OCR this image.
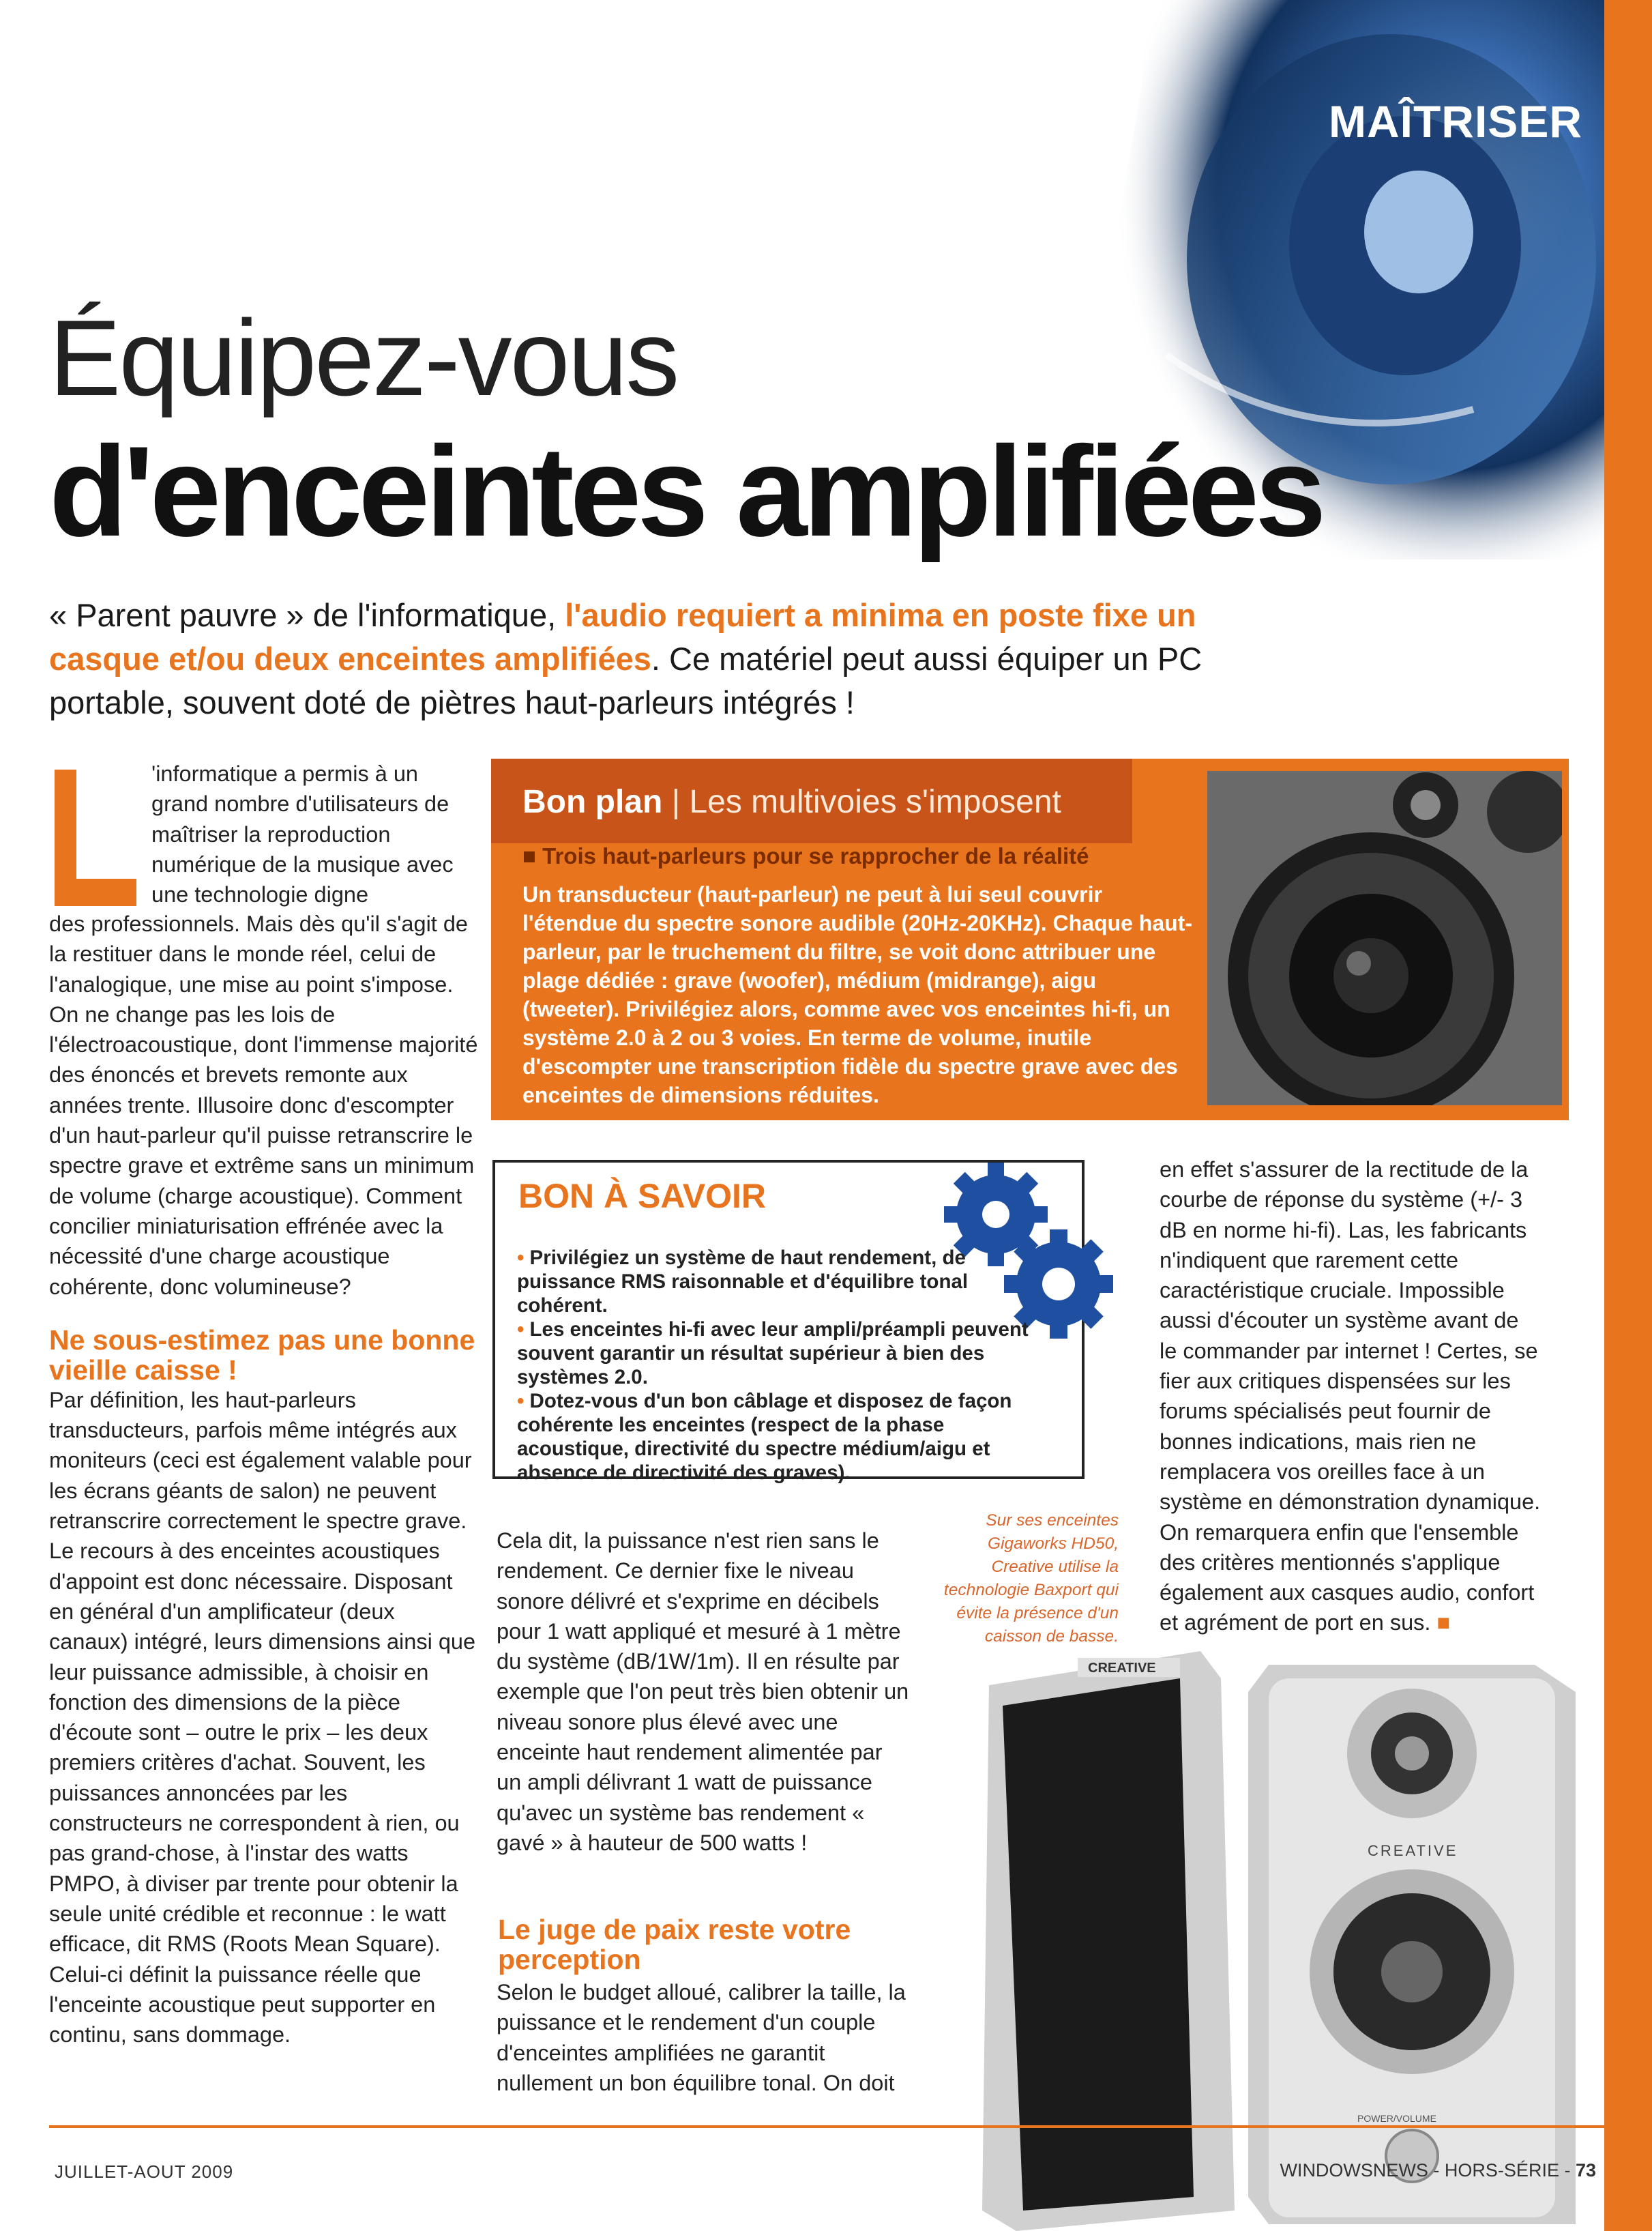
MAÎTRISER
Équipez-vous
d'enceintes amplifiées
« Parent pauvre » de l'informatique, l'audio requiert a minima en poste fixe un casque et/ou deux enceintes amplifiées. Ce matériel peut aussi équiper un PC portable, souvent doté de piètres haut-parleurs intégrés !
'informatique a permis à un grand nombre d'utilisateurs de maîtriser la reproduction numérique de la musique avec une technologie digne
des professionnels. Mais dès qu'il s'agit de la restituer dans le monde réel, celui de l'analogique, une mise au point s'impose. On ne change pas les lois de l'électroacoustique, dont l'immense majorité des énoncés et brevets remonte aux années trente. Illusoire donc d'escompter d'un haut-parleur qu'il puisse retranscrire le spectre grave et extrême sans un minimum de volume (charge acoustique). Comment concilier miniaturisation effrénée avec la nécessité d'une charge acoustique cohérente, donc volumineuse?
Ne sous-estimez pas une bonne vieille caisse !
Par définition, les haut-parleurs transducteurs, parfois même intégrés aux moniteurs (ceci est également valable pour les écrans géants de salon) ne peuvent retranscrire correctement le spectre grave. Le recours à des enceintes acoustiques d'appoint est donc nécessaire. Disposant en général d'un amplificateur (deux canaux) intégré, leurs dimensions ainsi que leur puissance admissible, à choisir en fonction des dimensions de la pièce d'écoute sont – outre le prix – les deux premiers critères d'achat. Souvent, les puissances annoncées par les constructeurs ne correspondent à rien, ou pas grand-chose, à l'instar des watts PMPO, à diviser par trente pour obtenir la seule unité crédible et reconnue : le watt efficace, dit RMS (Roots Mean Square). Celui-ci définit la puissance réelle que l'enceinte acoustique peut supporter en continu, sans dommage.
Bon plan | Les multivoies s'imposent
■ Trois haut-parleurs pour se rapprocher de la réalité
Un transducteur (haut-parleur) ne peut à lui seul couvrir l'étendue du spectre sonore audible (20Hz-20KHz). Chaque haut-parleur, par le truchement du filtre, se voit donc attribuer une plage dédiée : grave (woofer), médium (midrange), aigu (tweeter). Privilégiez alors, comme avec vos enceintes hi-fi, un système 2.0 à 2 ou 3 voies. En terme de volume, inutile d'escompter une transcription fidèle du spectre grave avec des enceintes de dimensions réduites.
BON À SAVOIR
• Privilégiez un système de haut rendement, de puissance RMS raisonnable et d'équilibre tonal cohérent.
• Les enceintes hi-fi avec leur ampli/préampli peuvent souvent garantir un résultat supérieur à bien des systèmes 2.0.
• Dotez-vous d'un bon câblage et disposez de façon cohérente les enceintes (respect de la phase acoustique, directivité du spectre médium/aigu et absence de directivité des graves).
Cela dit, la puissance n'est rien sans le rendement. Ce dernier fixe le niveau sonore délivré et s'exprime en décibels pour 1 watt appliqué et mesuré à 1 mètre du système (dB/1W/1m). Il en résulte par exemple que l'on peut très bien obtenir un niveau sonore plus élevé avec une enceinte haut rendement alimentée par un ampli délivrant 1 watt de puissance qu'avec un système bas rendement « gavé » à hauteur de 500 watts !
Le juge de paix reste votre perception
Selon le budget alloué, calibrer la taille, la puissance et le rendement d'un couple d'enceintes amplifiées ne garantit nullement un bon équilibre tonal. On doit
en effet s'assurer de la rectitude de la courbe de réponse du système (+/- 3 dB en norme hi-fi). Las, les fabricants n'indiquent que rarement cette caractéristique cruciale. Impossible aussi d'écouter un système avant de le commander par internet ! Certes, se fier aux critiques dispensées sur les forums spécialisés peut fournir de bonnes indications, mais rien ne remplacera vos oreilles face à un système en démonstration dynamique. On remarquera enfin que l'ensemble des critères mentionnés s'applique également aux casques audio, confort et agrément de port en sus. ■
Sur ses enceintes Gigaworks HD50, Creative utilise la technologie Baxport qui évite la présence d'un caisson de basse.
CREATIVE
CREATIVE
POWER/VOLUME
JUILLET-AOUT 2009	WINDOWSNEWS - HORS-SÉRIE - 73
